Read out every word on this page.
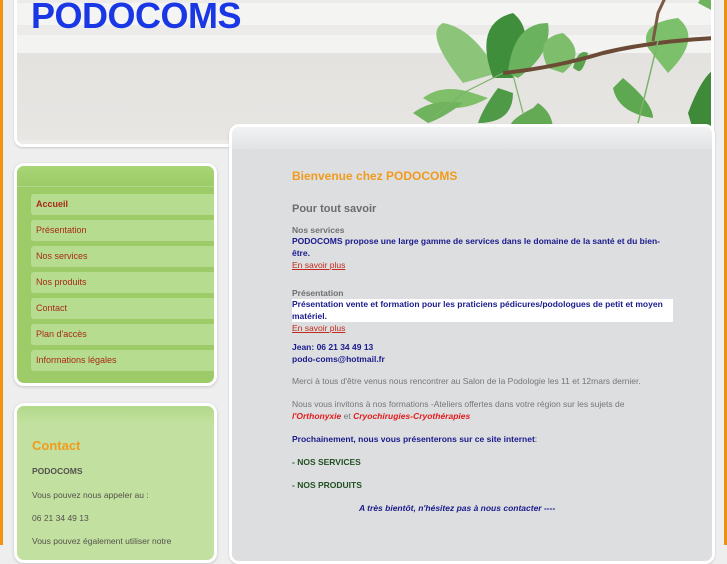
PODOCOMS
Accueil
Présentation
Nos services
Nos produits
Contact
Plan d'accès
Informations légales
Contact
PODOCOMS
Vous pouvez nous appeler au :
06 21 34 49 13
Vous pouvez également utiliser notre
Bienvenue chez PODOCOMS
Pour tout savoir
Nos services
PODOCOMS propose une large gamme de services dans le domaine de la santé et du bien-
être.
En savoir plus
Présentation
Présentation vente et formation pour les praticiens pédicures/podologues de petit et moyen
matériel.
En savoir plus
Jean: 06 21 34 49 13
podo-coms@hotmail.fr
Merci à tous d'être venus nous rencontrer au Salon de la Podologie les 11 et 12mars dernier.
Nous vous invitons à nos formations -Ateliers offertes dans votre région sur les sujets de
l'Orthonyxie et Cryochirugies-Cryothérapies
Prochainement, nous vous présenterons sur ce site internet:
- NOS SERVICES
- NOS PRODUITS
A très bientôt, n'hésitez pas à nous contacter ----
